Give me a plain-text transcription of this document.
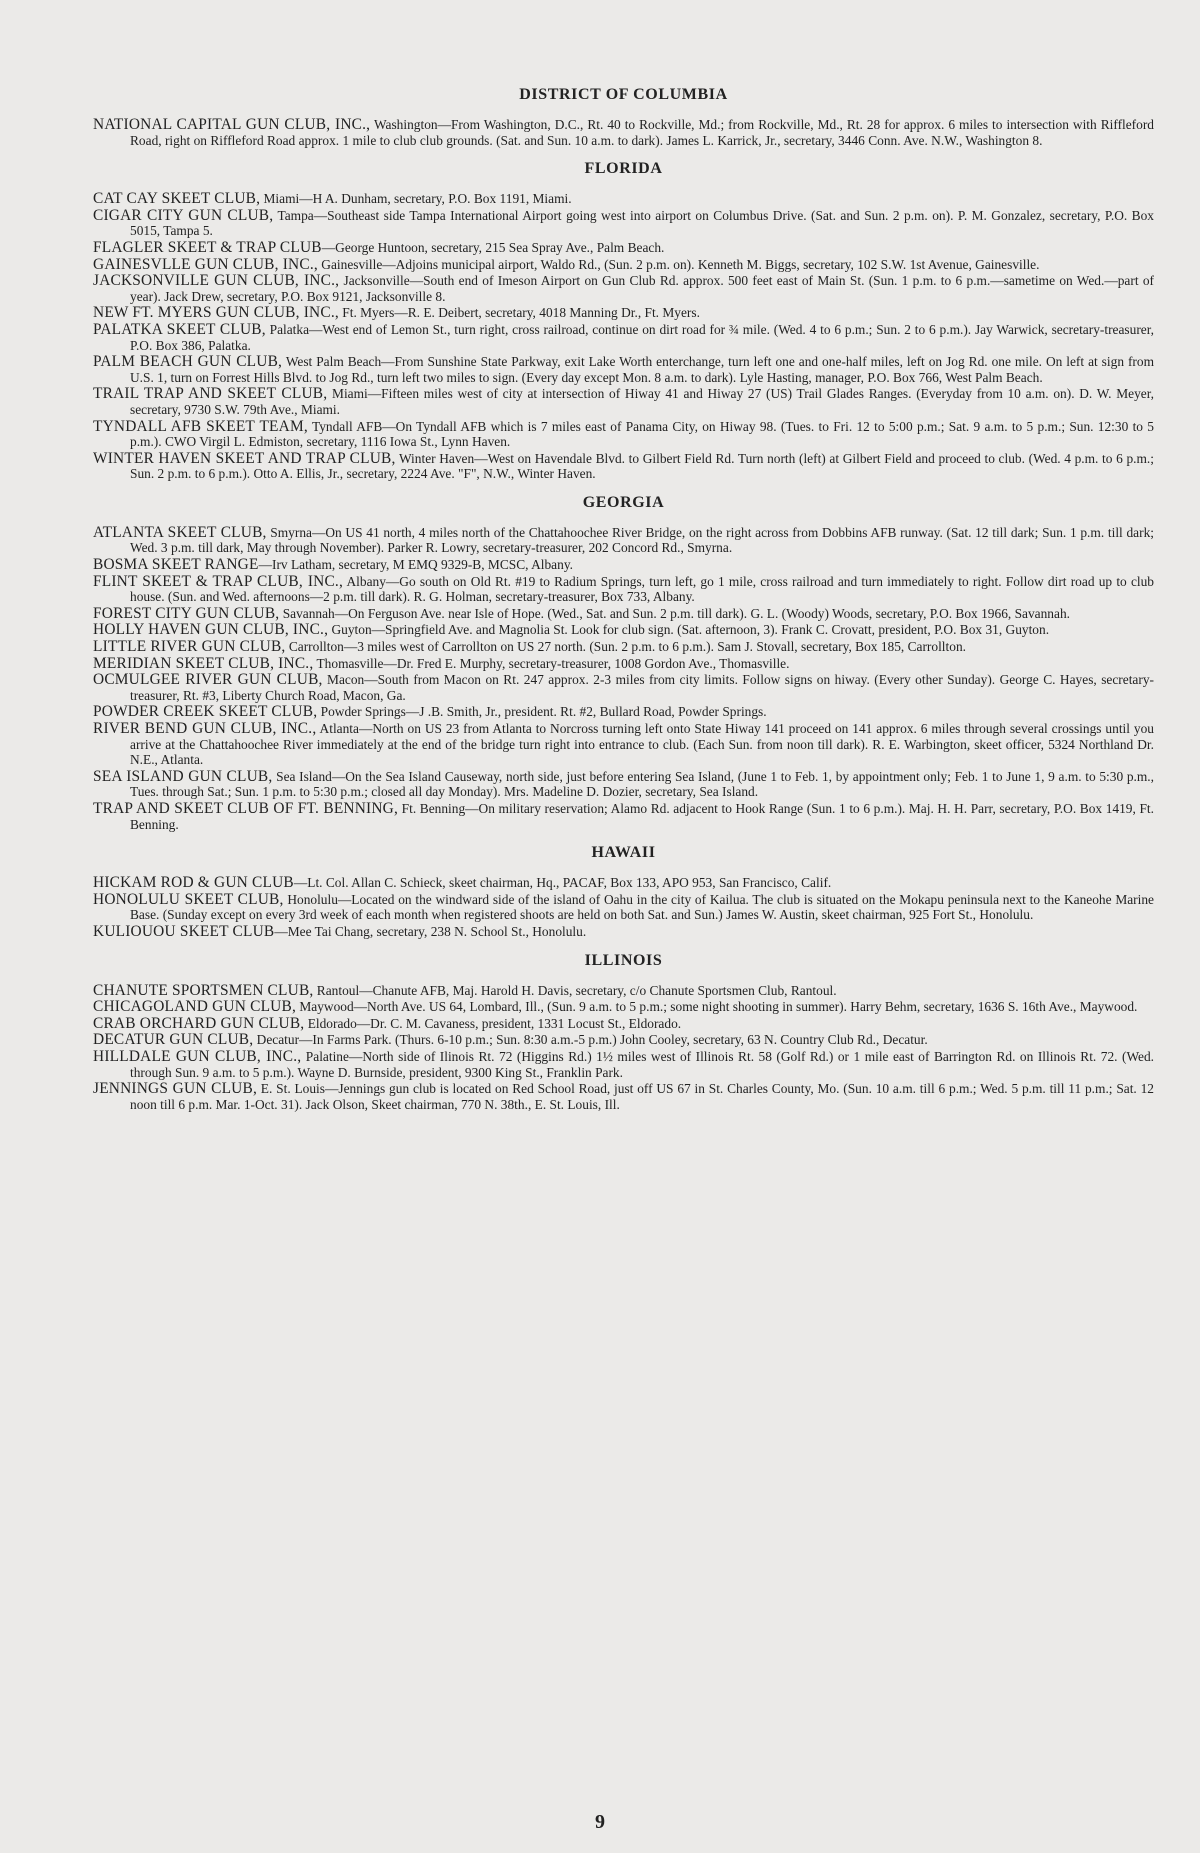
DISTRICT OF COLUMBIA
NATIONAL CAPITAL GUN CLUB, INC., Washington—From Washington, D.C., Rt. 40 to Rockville, Md.; from Rockville, Md., Rt. 28 for approx. 6 miles to intersection with Riffleford Road, right on Riffleford Road approx. 1 mile to club club grounds. (Sat. and Sun. 10 a.m. to dark). James L. Karrick, Jr., secretary, 3446 Conn. Ave. N.W., Washington 8.
FLORIDA
CAT CAY SKEET CLUB, Miami—H A. Dunham, secretary, P.O. Box 1191, Miami.
CIGAR CITY GUN CLUB, Tampa—Southeast side Tampa International Airport going west into airport on Columbus Drive. (Sat. and Sun. 2 p.m. on). P. M. Gonzalez, secretary, P.O. Box 5015, Tampa 5.
FLAGLER SKEET & TRAP CLUB—George Huntoon, secretary, 215 Sea Spray Ave., Palm Beach.
GAINESVLLE GUN CLUB, INC., Gainesville—Adjoins municipal airport, Waldo Rd., (Sun. 2 p.m. on). Kenneth M. Biggs, secretary, 102 S.W. 1st Avenue, Gainesville.
JACKSONVILLE GUN CLUB, INC., Jacksonville—South end of Imeson Airport on Gun Club Rd. approx. 500 feet east of Main St. (Sun. 1 p.m. to 6 p.m.—sametime on Wed.—part of year). Jack Drew, secretary, P.O. Box 9121, Jacksonville 8.
NEW FT. MYERS GUN CLUB, INC., Ft. Myers—R. E. Deibert, secretary, 4018 Manning Dr., Ft. Myers.
PALATKA SKEET CLUB, Palatka—West end of Lemon St., turn right, cross railroad, continue on dirt road for ¾ mile. (Wed. 4 to 6 p.m.; Sun. 2 to 6 p.m.). Jay Warwick, secretary-treasurer, P.O. Box 386, Palatka.
PALM BEACH GUN CLUB, West Palm Beach—From Sunshine State Parkway, exit Lake Worth enterchange, turn left one and one-half miles, left on Jog Rd. one mile. On left at sign from U.S. 1, turn on Forrest Hills Blvd. to Jog Rd., turn left two miles to sign. (Every day except Mon. 8 a.m. to dark). Lyle Hasting, manager, P.O. Box 766, West Palm Beach.
TRAIL TRAP AND SKEET CLUB, Miami—Fifteen miles west of city at intersection of Hiway 41 and Hiway 27 (US) Trail Glades Ranges. (Everyday from 10 a.m. on). D. W. Meyer, secretary, 9730 S.W. 79th Ave., Miami.
TYNDALL AFB SKEET TEAM, Tyndall AFB—On Tyndall AFB which is 7 miles east of Panama City, on Hiway 98. (Tues. to Fri. 12 to 5:00 p.m.; Sat. 9 a.m. to 5 p.m.; Sun. 12:30 to 5 p.m.). CWO Virgil L. Edmiston, secretary, 1116 Iowa St., Lynn Haven.
WINTER HAVEN SKEET AND TRAP CLUB, Winter Haven—West on Havendale Blvd. to Gilbert Field Rd. Turn north (left) at Gilbert Field and proceed to club. (Wed. 4 p.m. to 6 p.m.; Sun. 2 p.m. to 6 p.m.). Otto A. Ellis, Jr., secretary, 2224 Ave. "F", N.W., Winter Haven.
GEORGIA
ATLANTA SKEET CLUB, Smyrna—On US 41 north, 4 miles north of the Chattahoochee River Bridge, on the right across from Dobbins AFB runway. (Sat. 12 till dark; Sun. 1 p.m. till dark; Wed. 3 p.m. till dark, May through November). Parker R. Lowry, secretary-treasurer, 202 Concord Rd., Smyrna.
BOSMA SKEET RANGE—Irv Latham, secretary, M EMQ 9329-B, MCSC, Albany.
FLINT SKEET & TRAP CLUB, INC., Albany—Go south on Old Rt. #19 to Radium Springs, turn left, go 1 mile, cross railroad and turn immediately to right. Follow dirt road up to club house. (Sun. and Wed. afternoons—2 p.m. till dark). R. G. Holman, secretary-treasurer, Box 733, Albany.
FOREST CITY GUN CLUB, Savannah—On Ferguson Ave. near Isle of Hope. (Wed., Sat. and Sun. 2 p.m. till dark). G. L. (Woody) Woods, secretary, P.O. Box 1966, Savannah.
HOLLY HAVEN GUN CLUB, INC., Guyton—Springfield Ave. and Magnolia St. Look for club sign. (Sat. afternoon, 3). Frank C. Crovatt, president, P.O. Box 31, Guyton.
LITTLE RIVER GUN CLUB, Carrollton—3 miles west of Carrollton on US 27 north. (Sun. 2 p.m. to 6 p.m.). Sam J. Stovall, secretary, Box 185, Carrollton.
MERIDIAN SKEET CLUB, INC., Thomasville—Dr. Fred E. Murphy, secretary-treasurer, 1008 Gordon Ave., Thomasville.
OCMULGEE RIVER GUN CLUB, Macon—South from Macon on Rt. 247 approx. 2-3 miles from city limits. Follow signs on hiway. (Every other Sunday). George C. Hayes, secretary-treasurer, Rt. #3, Liberty Church Road, Macon, Ga.
POWDER CREEK SKEET CLUB, Powder Springs—J .B. Smith, Jr., president. Rt. #2, Bullard Road, Powder Springs.
RIVER BEND GUN CLUB, INC., Atlanta—North on US 23 from Atlanta to Norcross turning left onto State Hiway 141 proceed on 141 approx. 6 miles through several crossings until you arrive at the Chattahoochee River immediately at the end of the bridge turn right into entrance to club. (Each Sun. from noon till dark). R. E. Warbington, skeet officer, 5324 Northland Dr. N.E., Atlanta.
SEA ISLAND GUN CLUB, Sea Island—On the Sea Island Causeway, north side, just before entering Sea Island, (June 1 to Feb. 1, by appointment only; Feb. 1 to June 1, 9 a.m. to 5:30 p.m., Tues. through Sat.; Sun. 1 p.m. to 5:30 p.m.; closed all day Monday). Mrs. Madeline D. Dozier, secretary, Sea Island.
TRAP AND SKEET CLUB OF FT. BENNING, Ft. Benning—On military reservation; Alamo Rd. adjacent to Hook Range (Sun. 1 to 6 p.m.). Maj. H. H. Parr, secretary, P.O. Box 1419, Ft. Benning.
HAWAII
HICKAM ROD & GUN CLUB—Lt. Col. Allan C. Schieck, skeet chairman, Hq., PACAF, Box 133, APO 953, San Francisco, Calif.
HONOLULU SKEET CLUB, Honolulu—Located on the windward side of the island of Oahu in the city of Kailua. The club is situated on the Mokapu peninsula next to the Kaneohe Marine Base. (Sunday except on every 3rd week of each month when registered shoots are held on both Sat. and Sun.) James W. Austin, skeet chairman, 925 Fort St., Honolulu.
KULIOUOU SKEET CLUB—Mee Tai Chang, secretary, 238 N. School St., Honolulu.
ILLINOIS
CHANUTE SPORTSMEN CLUB, Rantoul—Chanute AFB, Maj. Harold H. Davis, secretary, c/o Chanute Sportsmen Club, Rantoul.
CHICAGOLAND GUN CLUB, Maywood—North Ave. US 64, Lombard, Ill., (Sun. 9 a.m. to 5 p.m.; some night shooting in summer). Harry Behm, secretary, 1636 S. 16th Ave., Maywood.
CRAB ORCHARD GUN CLUB, Eldorado—Dr. C. M. Cavaness, president, 1331 Locust St., Eldorado.
DECATUR GUN CLUB, Decatur—In Farms Park. (Thurs. 6-10 p.m.; Sun. 8:30 a.m.-5 p.m.) John Cooley, secretary, 63 N. Country Club Rd., Decatur.
HILLDALE GUN CLUB, INC., Palatine—North side of Ilinois Rt. 72 (Higgins Rd.) 1½ miles west of Illinois Rt. 58 (Golf Rd.) or 1 mile east of Barrington Rd. on Illinois Rt. 72. (Wed. through Sun. 9 a.m. to 5 p.m.). Wayne D. Burnside, president, 9300 King St., Franklin Park.
JENNINGS GUN CLUB, E. St. Louis—Jennings gun club is located on Red School Road, just off US 67 in St. Charles County, Mo. (Sun. 10 a.m. till 6 p.m.; Wed. 5 p.m. till 11 p.m.; Sat. 12 noon till 6 p.m. Mar. 1-Oct. 31). Jack Olson, Skeet chairman, 770 N. 38th., E. St. Louis, Ill.
9
